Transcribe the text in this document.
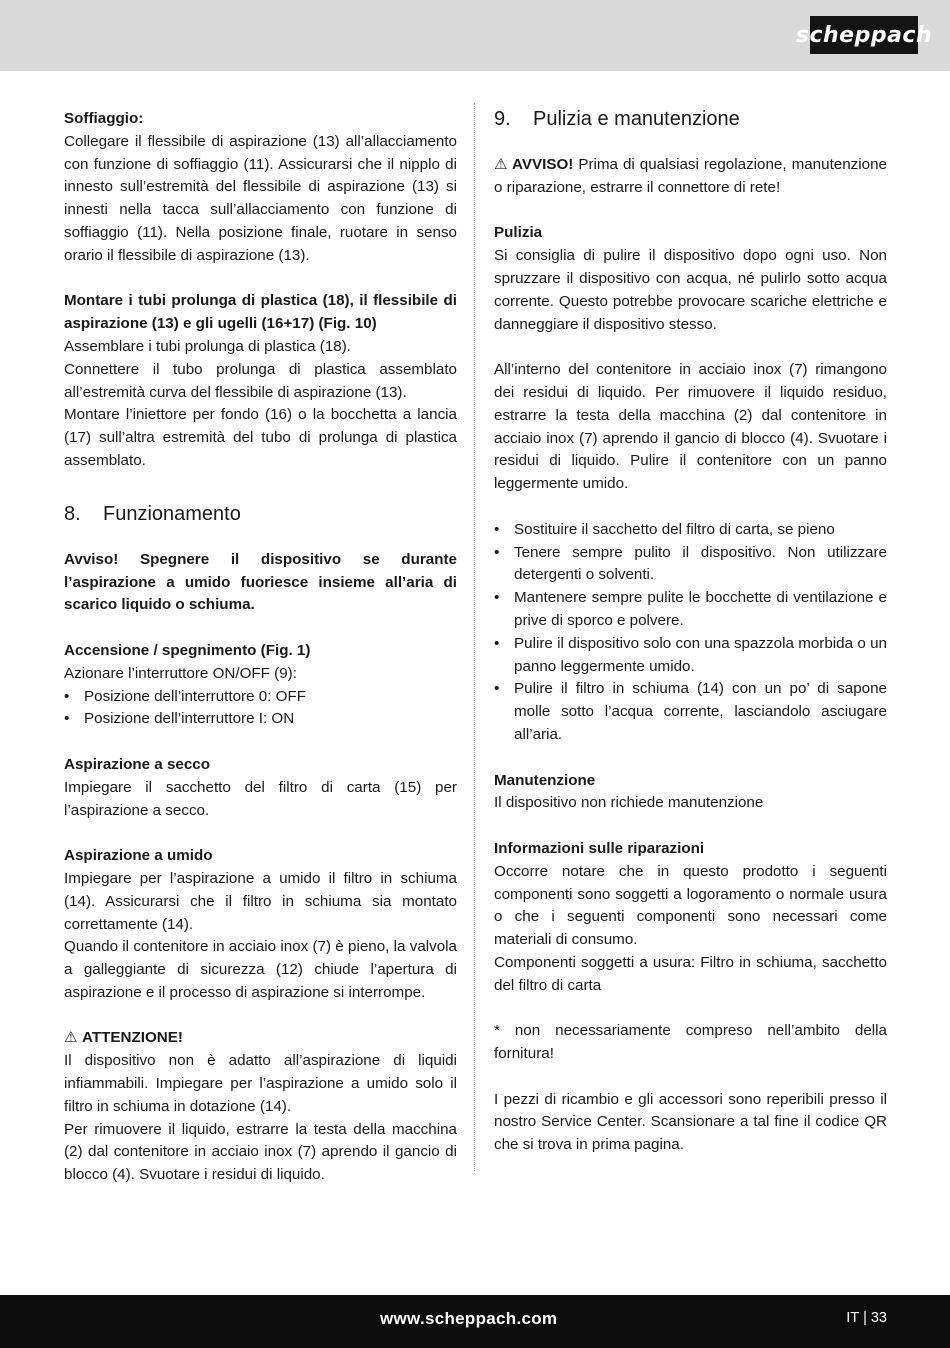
scheppach

Soffiaggio:

Collegare il flessibile di aspirazione (13) all’allacciamento con funzione di soffiaggio (11). Assicurarsi che il nipplo di innesto sull’estremità del flessibile di aspirazione (13) si innesti nella tacca sull’allacciamento con funzione di soffiaggio (11). Nella posizione finale, ruotare in senso orario il flessibile di aspirazione (13).

Montare i tubi prolunga di plastica (18), il flessibile di aspirazione (13) e gli ugelli (16+17) (Fig. 10)

Assemblare i tubi prolunga di plastica (18).

Connettere il tubo prolunga di plastica assemblato all’estremità curva del flessibile di aspirazione (13).

Montare l’iniettore per fondo (16) o la bocchetta a lancia (17) sull’altra estremità del tubo di prolunga di plastica assemblato.

8.	Funzionamento

Avviso! Spegnere il dispositivo se durante l’aspirazione a umido fuoriesce insieme all’aria di scarico liquido o schiuma.

Accensione / spegnimento (Fig. 1)

Azionare l’interruttore ON/OFF (9):

• Posizione dell’interruttore 0: OFF
• Posizione dell’interruttore I: ON

Aspirazione a secco

Impiegare il sacchetto del filtro di carta (15) per l’aspirazione a secco.

Aspirazione a umido

Impiegare per l’aspirazione a umido il filtro in schiuma (14). Assicurarsi che il filtro in schiuma sia montato correttamente (14).

Quando il contenitore in acciaio inox (7) è pieno, la valvola a galleggiante di sicurezza (12) chiude l’apertura di aspirazione e il processo di aspirazione si interrompe.

⚠ ATTENZIONE!

Il dispositivo non è adatto all’aspirazione di liquidi infiammabili. Impiegare per l’aspirazione a umido solo il filtro in schiuma in dotazione (14).

Per rimuovere il liquido, estrarre la testa della macchina (2) dal contenitore in acciaio inox (7) aprendo il gancio di blocco (4). Svuotare i residui di liquido.

9.	Pulizia e manutenzione

⚠ AVVISO! Prima di qualsiasi regolazione, manutenzione o riparazione, estrarre il connettore di rete!

Pulizia

Si consiglia di pulire il dispositivo dopo ogni uso. Non spruzzare il dispositivo con acqua, né pulirlo sotto acqua corrente. Questo potrebbe provocare scariche elettriche e danneggiare il dispositivo stesso.

All’interno del contenitore in acciaio inox (7) rimangono dei residui di liquido. Per rimuovere il liquido residuo, estrarre la testa della macchina (2) dal contenitore in acciaio inox (7) aprendo il gancio di blocco (4). Svuotare i residui di liquido. Pulire il contenitore con un panno leggermente umido.

• Sostituire il sacchetto del filtro di carta, se pieno
• Tenere sempre pulito il dispositivo. Non utilizzare detergenti o solventi.
• Mantenere sempre pulite le bocchette di ventilazione e prive di sporco e polvere.
• Pulire il dispositivo solo con una spazzola morbida o un panno leggermente umido.
• Pulire il filtro in schiuma (14) con un po’ di sapone molle sotto l’acqua corrente, lasciandolo asciugare all’aria.

Manutenzione

Il dispositivo non richiede manutenzione

Informazioni sulle riparazioni

Occorre notare che in questo prodotto i seguenti componenti sono soggetti a logoramento o normale usura o che i seguenti componenti sono necessari come materiali di consumo.

Componenti soggetti a usura: Filtro in schiuma, sacchetto del filtro di carta

* non necessariamente compreso nell’ambito della fornitura!

I pezzi di ricambio e gli accessori sono reperibili presso il nostro Service Center. Scansionare a tal fine il codice QR che si trova in prima pagina.

www.scheppach.com	IT | 33
